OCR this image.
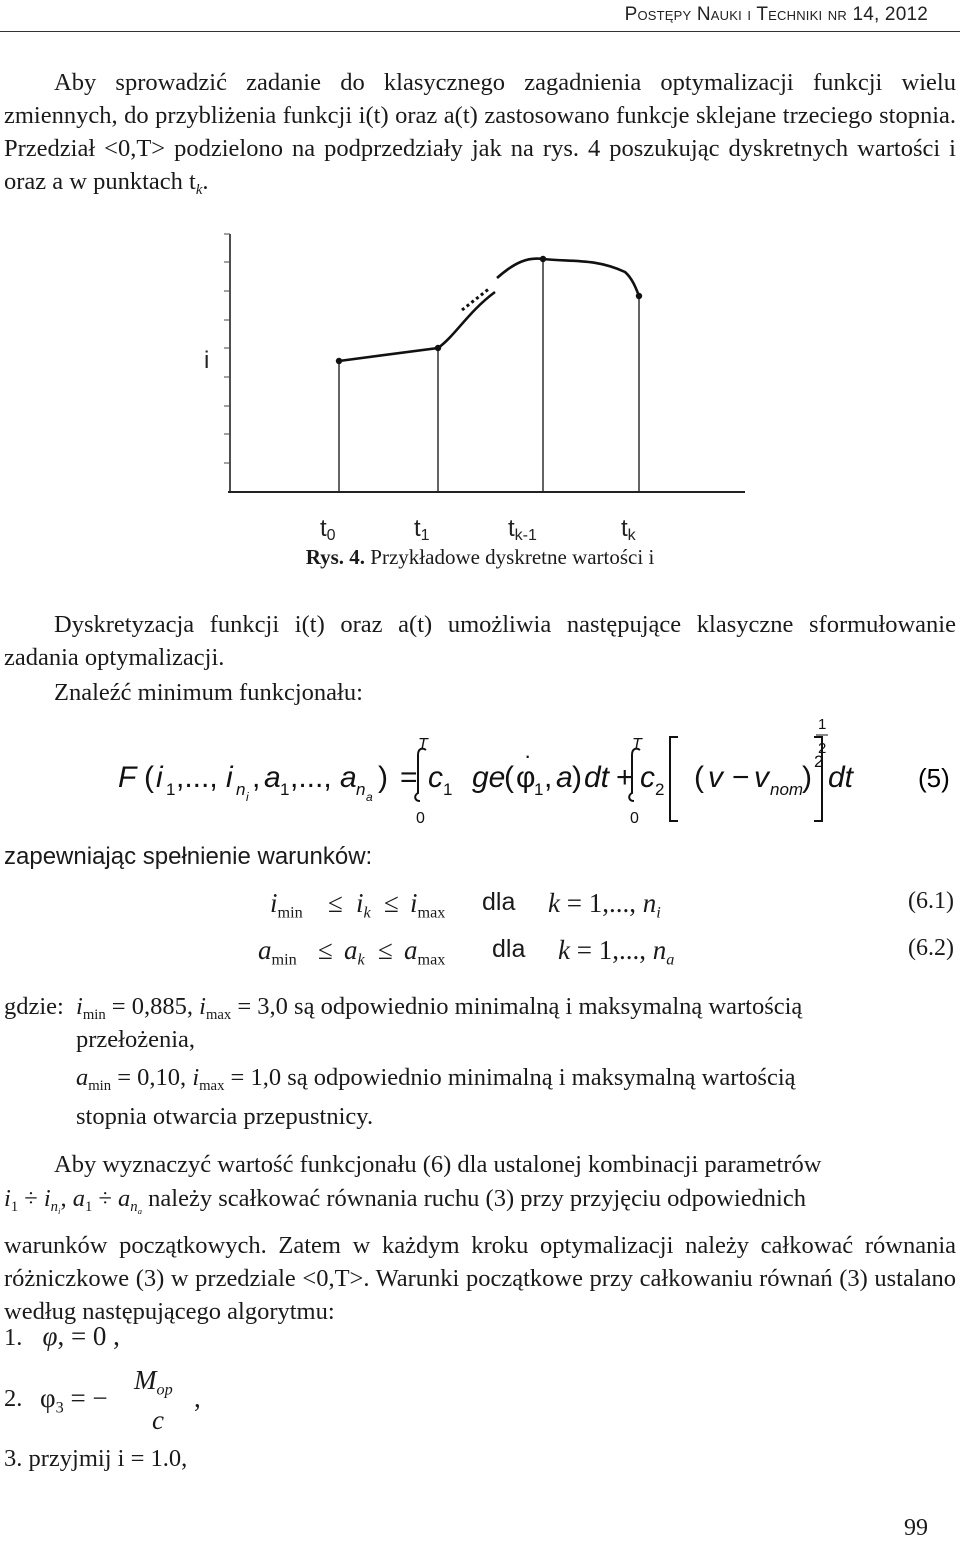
Postępy Nauki i Techniki nr 14, 2012

Aby sprowadzić zadanie do klasycznego zagadnienia optymalizacji funkcji wielu zmiennych, do przybliżenia funkcji i(t) oraz a(t) zastosowano funkcje sklejane trzeciego stopnia. Przedział <0,T> podzielono na podprzedziały jak na rys. 4 poszukując dyskretnych wartości i oraz a w punktach $t_k$.

i
t0	t1	tk-1	tk
Rys. 4. Przykładowe dyskretne wartości i

Dyskretyzacja funkcji i(t) oraz a(t) umożliwia następujące klasyczne sformułowanie zadania optymalizacji.

Znaleźć minimum funkcjonału:

F ( i 1 ,..., i n i
, a 1 ,..., a n a
) = c 1
T
0
ge
( φ
·
1 , a ) dt + c 2
T
0
( v − v nom
) 2 dt
1
2
(5)
zapewniając spełnienie warunków:
$i_{min} \le i_k \le i_{max}$ dla k = 1,..., $n_i$	(6.1)
$a_{min} \le a_k \le a_{max}$ dla k = 1,..., $n_a$	(6.2)
gdzie: $i_{min} = 0,885$, $i_{max} = 3,0$ są odpowiednio minimalną i maksymalną wartością
przełożenia,
$a_{min} = 0,10$, $i_{max} = 1,0$ są odpowiednio minimalną i maksymalną wartością
stopnia otwarcia przepustnicy.

Aby wyznaczyć wartość funkcjonału (6) dla ustalonej kombinacji parametrów

$i_1 \div i_{n_i}$, $a_1 \div a_{n_a}$ należy scałkować równania ruchu (3) przy przyjęciu odpowiednich

warunków początkowych. Zatem w każdym kroku optymalizacji należy całkować równania różniczkowe (3) w przedziale <0,T>. Warunki początkowe przy całkowaniu równań (3) ustalano według następującego algorytmu:

1. φ, = 0 ,
2. $\varphi_3$ = −
$M_{op}$
c
,
3. przyjmij i = 1.0,
99
